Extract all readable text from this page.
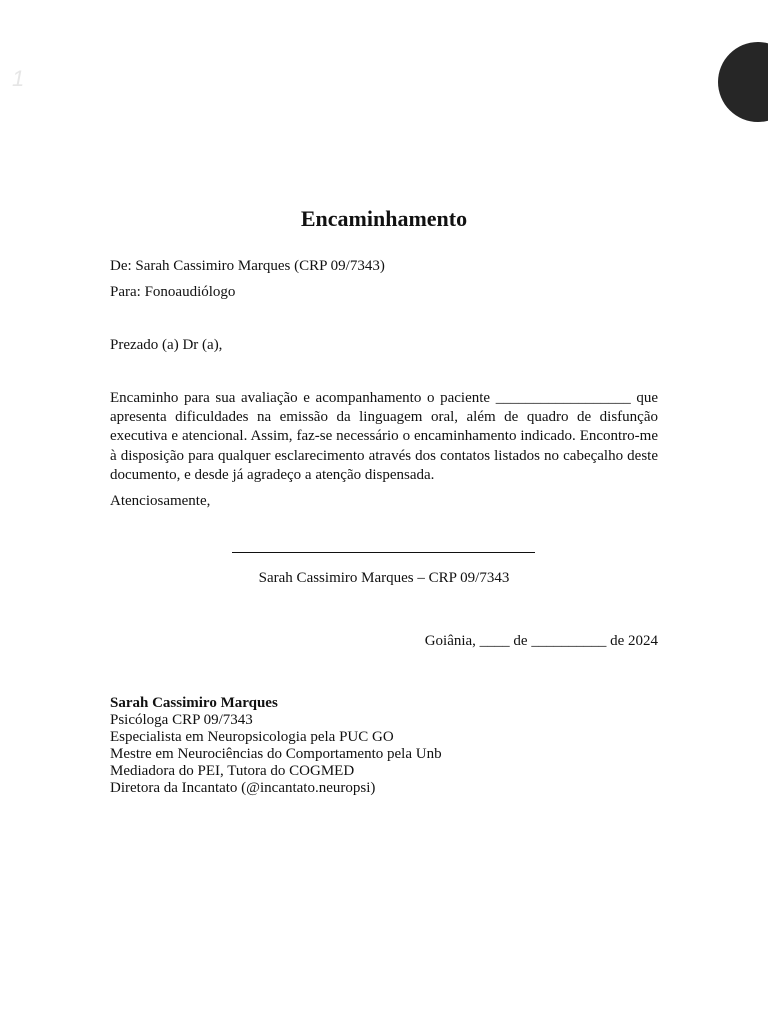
1
Encaminhamento
De: Sarah Cassimiro Marques (CRP 09/7343)
Para: Fonoaudiólogo
Prezado (a) Dr (a),

Encaminho para sua avaliação e acompanhamento o paciente __________________ que apresenta dificuldades na emissão da linguagem oral, além de quadro de disfunção executiva e atencional. Assim, faz-se necessário o encaminhamento indicado. Encontro-me à disposição para qualquer esclarecimento através dos contatos listados no cabeçalho deste documento, e desde já agradeço a atenção dispensada.

Atenciosamente,
Sarah Cassimiro Marques – CRP 09/7343
Goiânia, ____ de __________ de 2024
Sarah Cassimiro Marques
Psicóloga CRP 09/7343
Especialista em Neuropsicologia pela PUC GO
Mestre em Neurociências do Comportamento pela Unb
Mediadora do PEI, Tutora do COGMED
Diretora da Incantato (@incantato.neuropsi)
